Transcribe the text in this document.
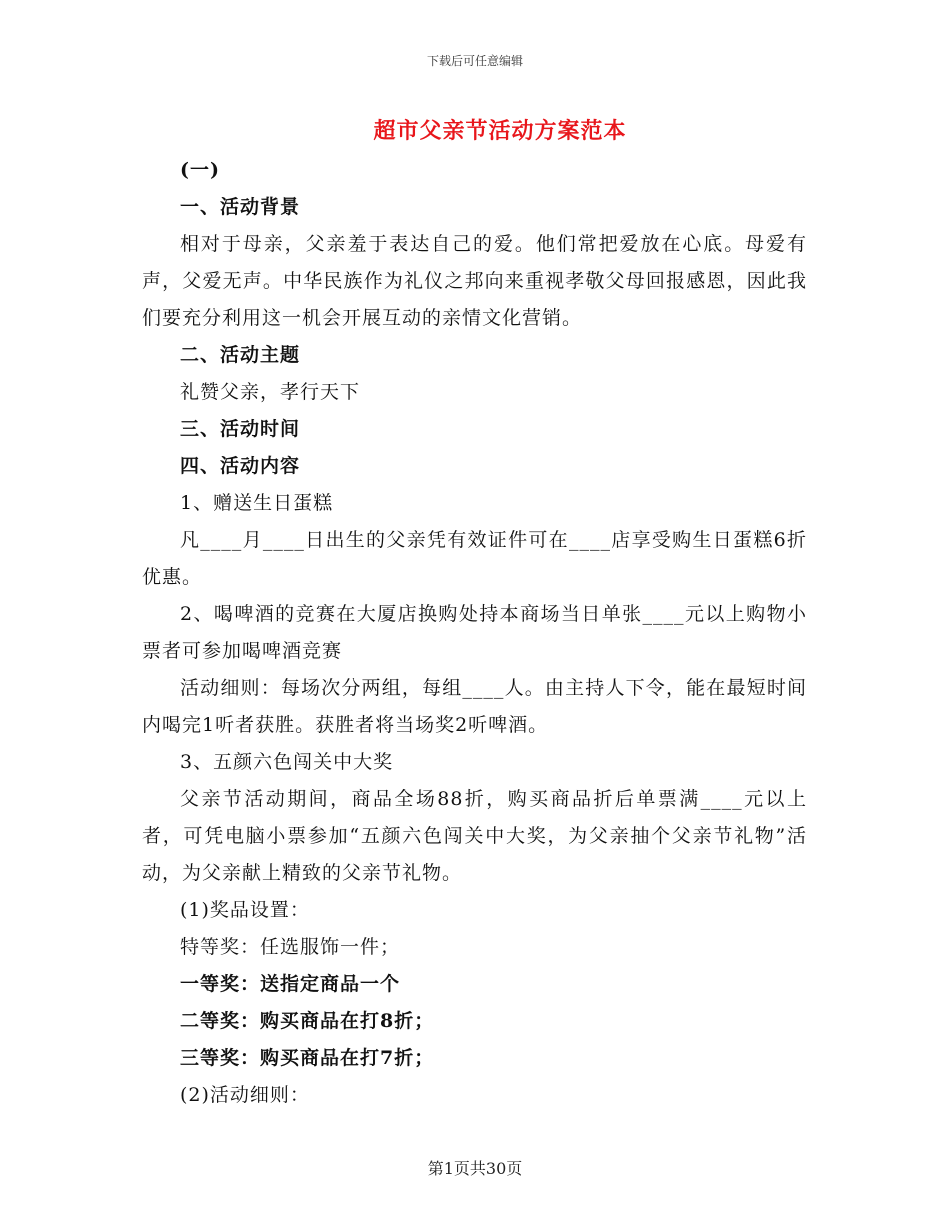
下载后可任意编辑
超市父亲节活动方案范本

(一)

一、活动背景

相对于母亲，父亲羞于表达自己的爱。他们常把爱放在心底。母爱有声，父爱无声。中华民族作为礼仪之邦向来重视孝敬父母回报感恩，因此我们要充分利用这一机会开展互动的亲情文化营销。

二、活动主题

礼赞父亲，孝行天下

三、活动时间

四、活动内容

1、赠送生日蛋糕

凡____月____日出生的父亲凭有效证件可在____店享受购生日蛋糕6折优惠。

2、喝啤酒的竞赛在大厦店换购处持本商场当日单张____元以上购物小票者可参加喝啤酒竞赛

活动细则：每场次分两组，每组____人。由主持人下令，能在最短时间内喝完1听者获胜。获胜者将当场奖2听啤酒。

3、五颜六色闯关中大奖

父亲节活动期间，商品全场88折，购买商品折后单票满____元以上者，可凭电脑小票参加“五颜六色闯关中大奖，为父亲抽个父亲节礼物”活动，为父亲献上精致的父亲节礼物。

(1)奖品设置：

特等奖：任选服饰一件；

一等奖：送指定商品一个

二等奖：购买商品在打8折；

三等奖：购买商品在打7折；

(2)活动细则：

第1页共30页
